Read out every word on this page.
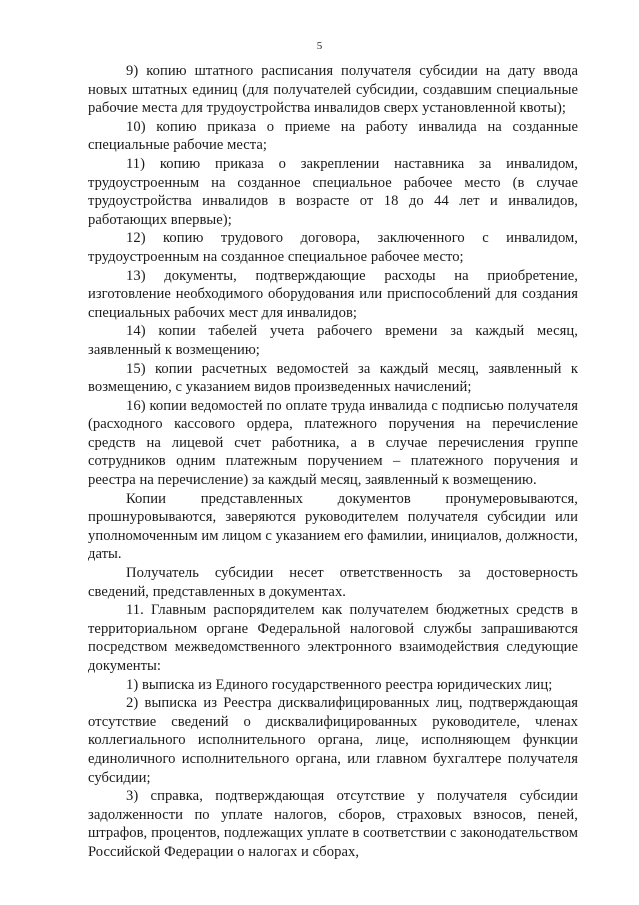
5

9) копию штатного расписания получателя субсидии на дату ввода новых штатных единиц (для получателей субсидии, создавшим специальные рабочие места для трудоустройства инвалидов сверх установленной квоты);

10) копию приказа о приеме на работу инвалида на созданные специальные рабочие места;

11) копию приказа о закреплении наставника за инвалидом, трудоустроенным на созданное специальное рабочее место (в случае трудоустройства инвалидов в возрасте от 18 до 44 лет и инвалидов, работающих впервые);

12) копию трудового договора, заключенного с инвалидом, трудоустроенным на созданное специальное рабочее место;

13) документы, подтверждающие расходы на приобретение, изготовление необходимого оборудования или приспособлений для создания специальных рабочих мест для инвалидов;

14) копии табелей учета рабочего времени за каждый месяц, заявленный к возмещению;

15) копии расчетных ведомостей за каждый месяц, заявленный к возмещению, с указанием видов произведенных начислений;

16) копии ведомостей по оплате труда инвалида с подписью получателя (расходного кассового ордера, платежного поручения на перечисление средств на лицевой счет работника, а в случае перечисления группе сотрудников одним платежным поручением – платежного поручения и реестра на перечисление) за каждый месяц, заявленный к возмещению.

Копии представленных документов пронумеровываются, прошнуровываются, заверяются руководителем получателя субсидии или уполномоченным им лицом с указанием его фамилии, инициалов, должности, даты.

Получатель субсидии несет ответственность за достоверность сведений, представленных в документах.

11. Главным распорядителем как получателем бюджетных средств в территориальном органе Федеральной налоговой службы запрашиваются посредством межведомственного электронного взаимодействия следующие документы:

1) выписка из Единого государственного реестра юридических лиц;

2) выписка из Реестра дисквалифицированных лиц, подтверждающая отсутствие сведений о дисквалифицированных руководителе, членах коллегиального исполнительного органа, лице, исполняющем функции единоличного исполнительного органа, или главном бухгалтере получателя субсидии;

3) справка, подтверждающая отсутствие у получателя субсидии задолженности по уплате налогов, сборов, страховых взносов, пеней, штрафов, процентов, подлежащих уплате в соответствии с законодательством Российской Федерации о налогах и сборах,
